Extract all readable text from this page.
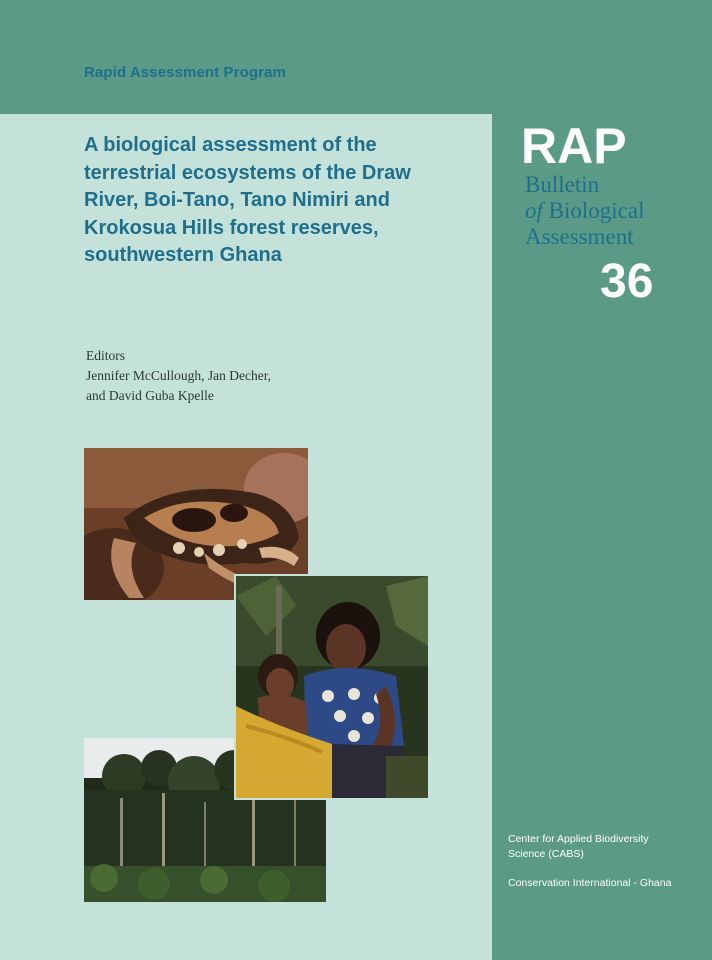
Rapid Assessment Program
A biological assessment of the
terrestrial ecosystems of the Draw
River, Boi-Tano, Tano Nimiri and
Krokosua Hills forest reserves,
southwestern Ghana
Editors
Jennifer McCullough, Jan Decher,
and David Guba Kpelle
RAP
Bulletin
of Biological
Assessment
36
Center for Applied Biodiversity
Science (CABS)
Conservation International - Ghana
